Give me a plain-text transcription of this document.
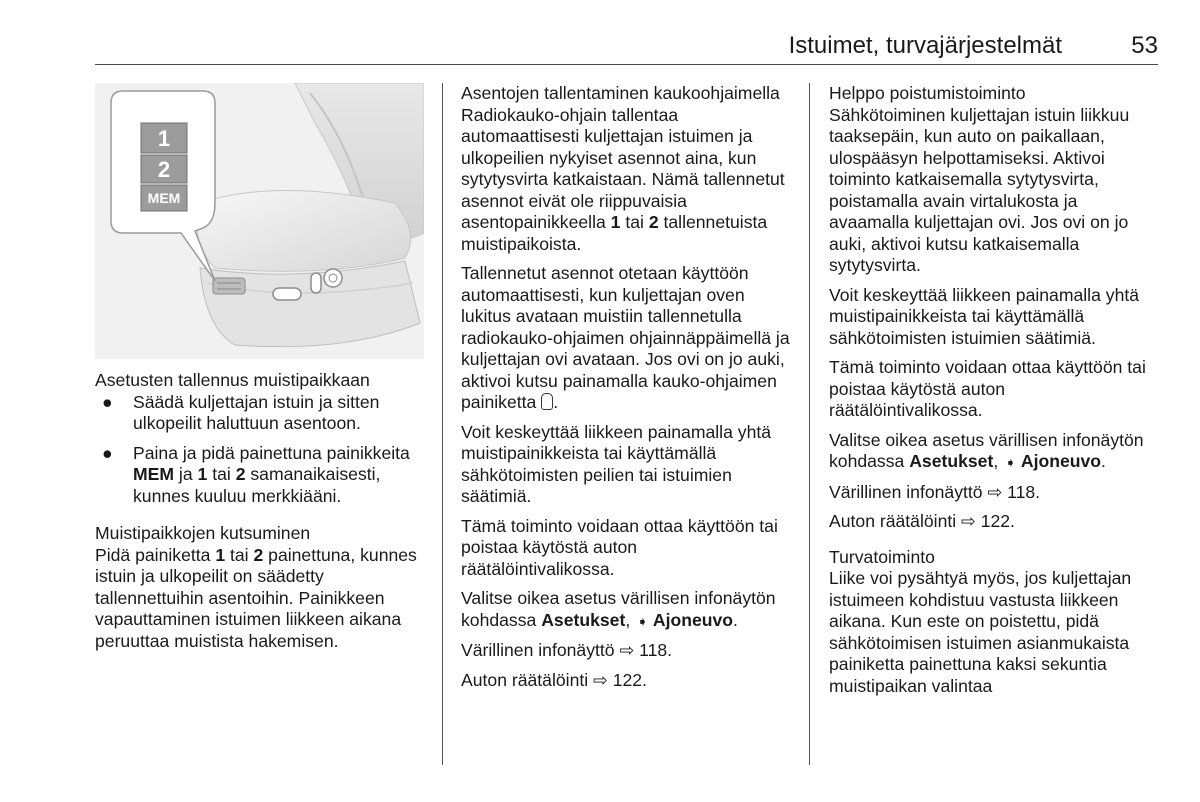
Istuimet, turvajärjestelmät	53
1
2
MEM
Asetusten tallennus muistipaikkaan
● Säädä kuljettajan istuin ja sitten ulkopeilit haluttuun asentoon.
● Paina ja pidä painettuna painikkeita MEM ja 1 tai 2 samanaikaisesti, kunnes kuuluu merkkiääni.
Muistipaikkojen kutsuminen

Pidä painiketta 1 tai 2 painettuna, kunnes istuin ja ulkopeilit on säädetty tallennettuihin asentoihin. Painikkeen vapauttaminen istuimen liikkeen aikana peruuttaa muistista hakemisen.

Asentojen tallentaminen kaukoohjaimella

Radiokauko-ohjain tallentaa automaattisesti kuljettajan istuimen ja ulkopeilien nykyiset asennot aina, kun sytytysvirta katkaistaan. Nämä tallennetut asennot eivät ole riippuvaisia asentopainikkeella 1 tai 2 tallennetuista muistipaikoista.

Tallennetut asennot otetaan käyttöön automaattisesti, kun kuljettajan oven lukitus avataan muistiin tallennetulla radiokauko-ohjaimen ohjainnäppäimellä ja kuljettajan ovi avataan. Jos ovi on jo auki, aktivoi kutsu painamalla kauko-ohjaimen painiketta .

Voit keskeyttää liikkeen painamalla yhtä muistipainikkeista tai käyttämällä sähkötoimisten peilien tai istuimien säätimiä.

Tämä toiminto voidaan ottaa käyttöön tai poistaa käytöstä auton räätälöintivalikossa.

Valitse oikea asetus värillisen infonäytön kohdassa Asetukset, ➧ Ajoneuvo.

Värillinen infonäyttö ⇨ 118.

Auton räätälöinti ⇨ 122.

Helppo poistumistoiminto

Sähkötoiminen kuljettajan istuin liikkuu taaksepäin, kun auto on paikallaan, ulospääsyn helpottamiseksi. Aktivoi toiminto katkaisemalla sytytysvirta, poistamalla avain virtalukosta ja avaamalla kuljettajan ovi. Jos ovi on jo auki, aktivoi kutsu katkaisemalla sytytysvirta.

Voit keskeyttää liikkeen painamalla yhtä muistipainikkeista tai käyttämällä sähkötoimisten istuimien säätimiä.

Tämä toiminto voidaan ottaa käyttöön tai poistaa käytöstä auton räätälöintivalikossa.

Valitse oikea asetus värillisen infonäytön kohdassa Asetukset, ➧ Ajoneuvo.

Värillinen infonäyttö ⇨ 118.

Auton räätälöinti ⇨ 122.

Turvatoiminto

Liike voi pysähtyä myös, jos kuljettajan istuimeen kohdistuu vastusta liikkeen aikana. Kun este on poistettu, pidä sähkötoimisen istuimen asianmukaista painiketta painettuna kaksi sekuntia muistipaikan valintaa
